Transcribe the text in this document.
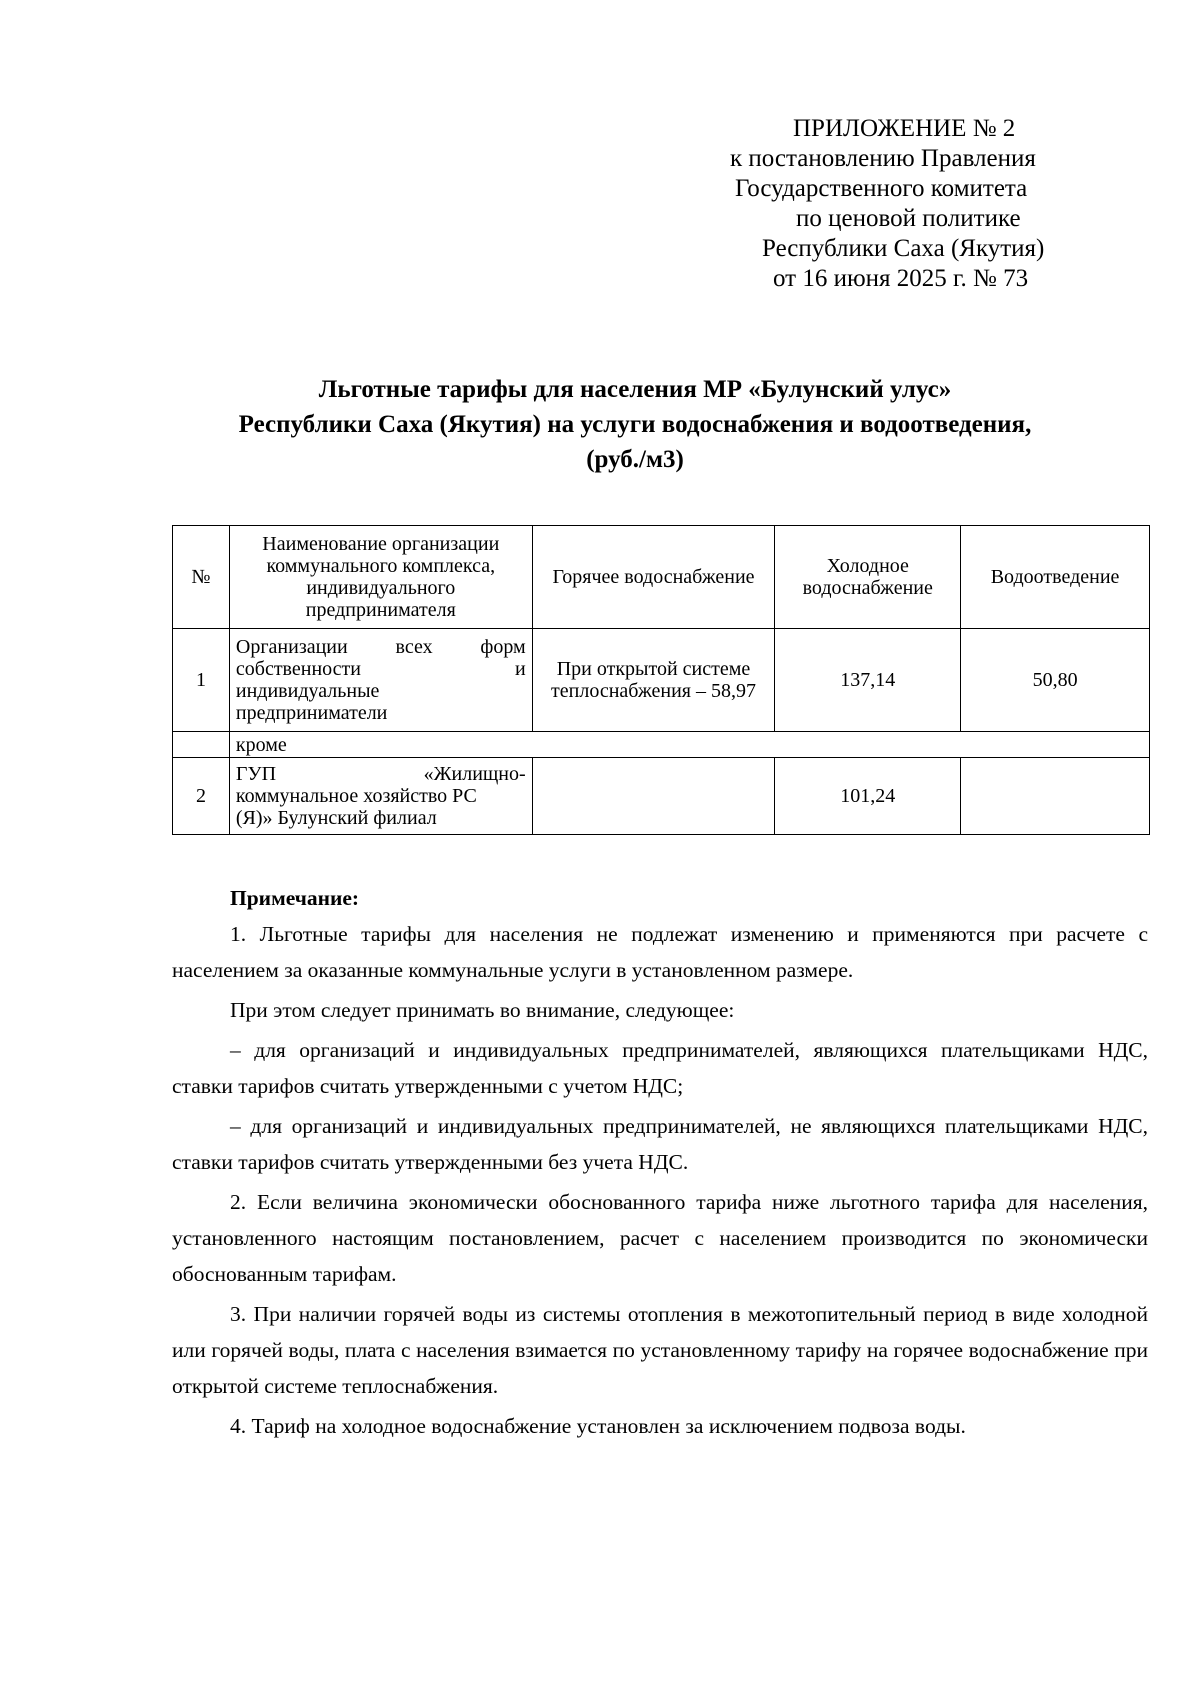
ПРИЛОЖЕНИЕ № 2
к постановлению Правления
Государственного комитета
по ценовой политике
Республики Саха (Якутия)
от 16 июня 2025 г. № 73
Льготные тарифы для населения МР «Булунский улус»
Республики Саха (Якутия) на услуги водоснабжения и водоотведения,
(руб./м3)
№	Наименование организации коммунального комплекса, индивидуального предпринимателя	Горячее водоснабжение	Холодное водоснабжение	Водоотведение
1	Организации всех форм
собственности и
индивидуальные предприниматели	При открытой системе теплоснабжения – 58,97	137,14	50,80
	кроме			
2	ГУП «Жилищно-
коммунальное хозяйство РС (Я)» Булунский филиал		101,24	
Примечание:

1. Льготные тарифы для населения не подлежат изменению и применяются при расчете с населением за оказанные коммунальные услуги в установленном размере.

При этом следует принимать во внимание, следующее:

– для организаций и индивидуальных предпринимателей, являющихся плательщиками НДС, ставки тарифов считать утвержденными с учетом НДС;

– для организаций и индивидуальных предпринимателей, не являющихся плательщиками НДС, ставки тарифов считать утвержденными без учета НДС.

2. Если величина экономически обоснованного тарифа ниже льготного тарифа для населения, установленного настоящим постановлением, расчет с населением производится по экономически обоснованным тарифам.

3. При наличии горячей воды из системы отопления в межотопительный период в виде холодной или горячей воды, плата с населения взимается по установленному тарифу на горячее водоснабжение при открытой системе теплоснабжения.

4. Тариф на холодное водоснабжение установлен за исключением подвоза воды.
